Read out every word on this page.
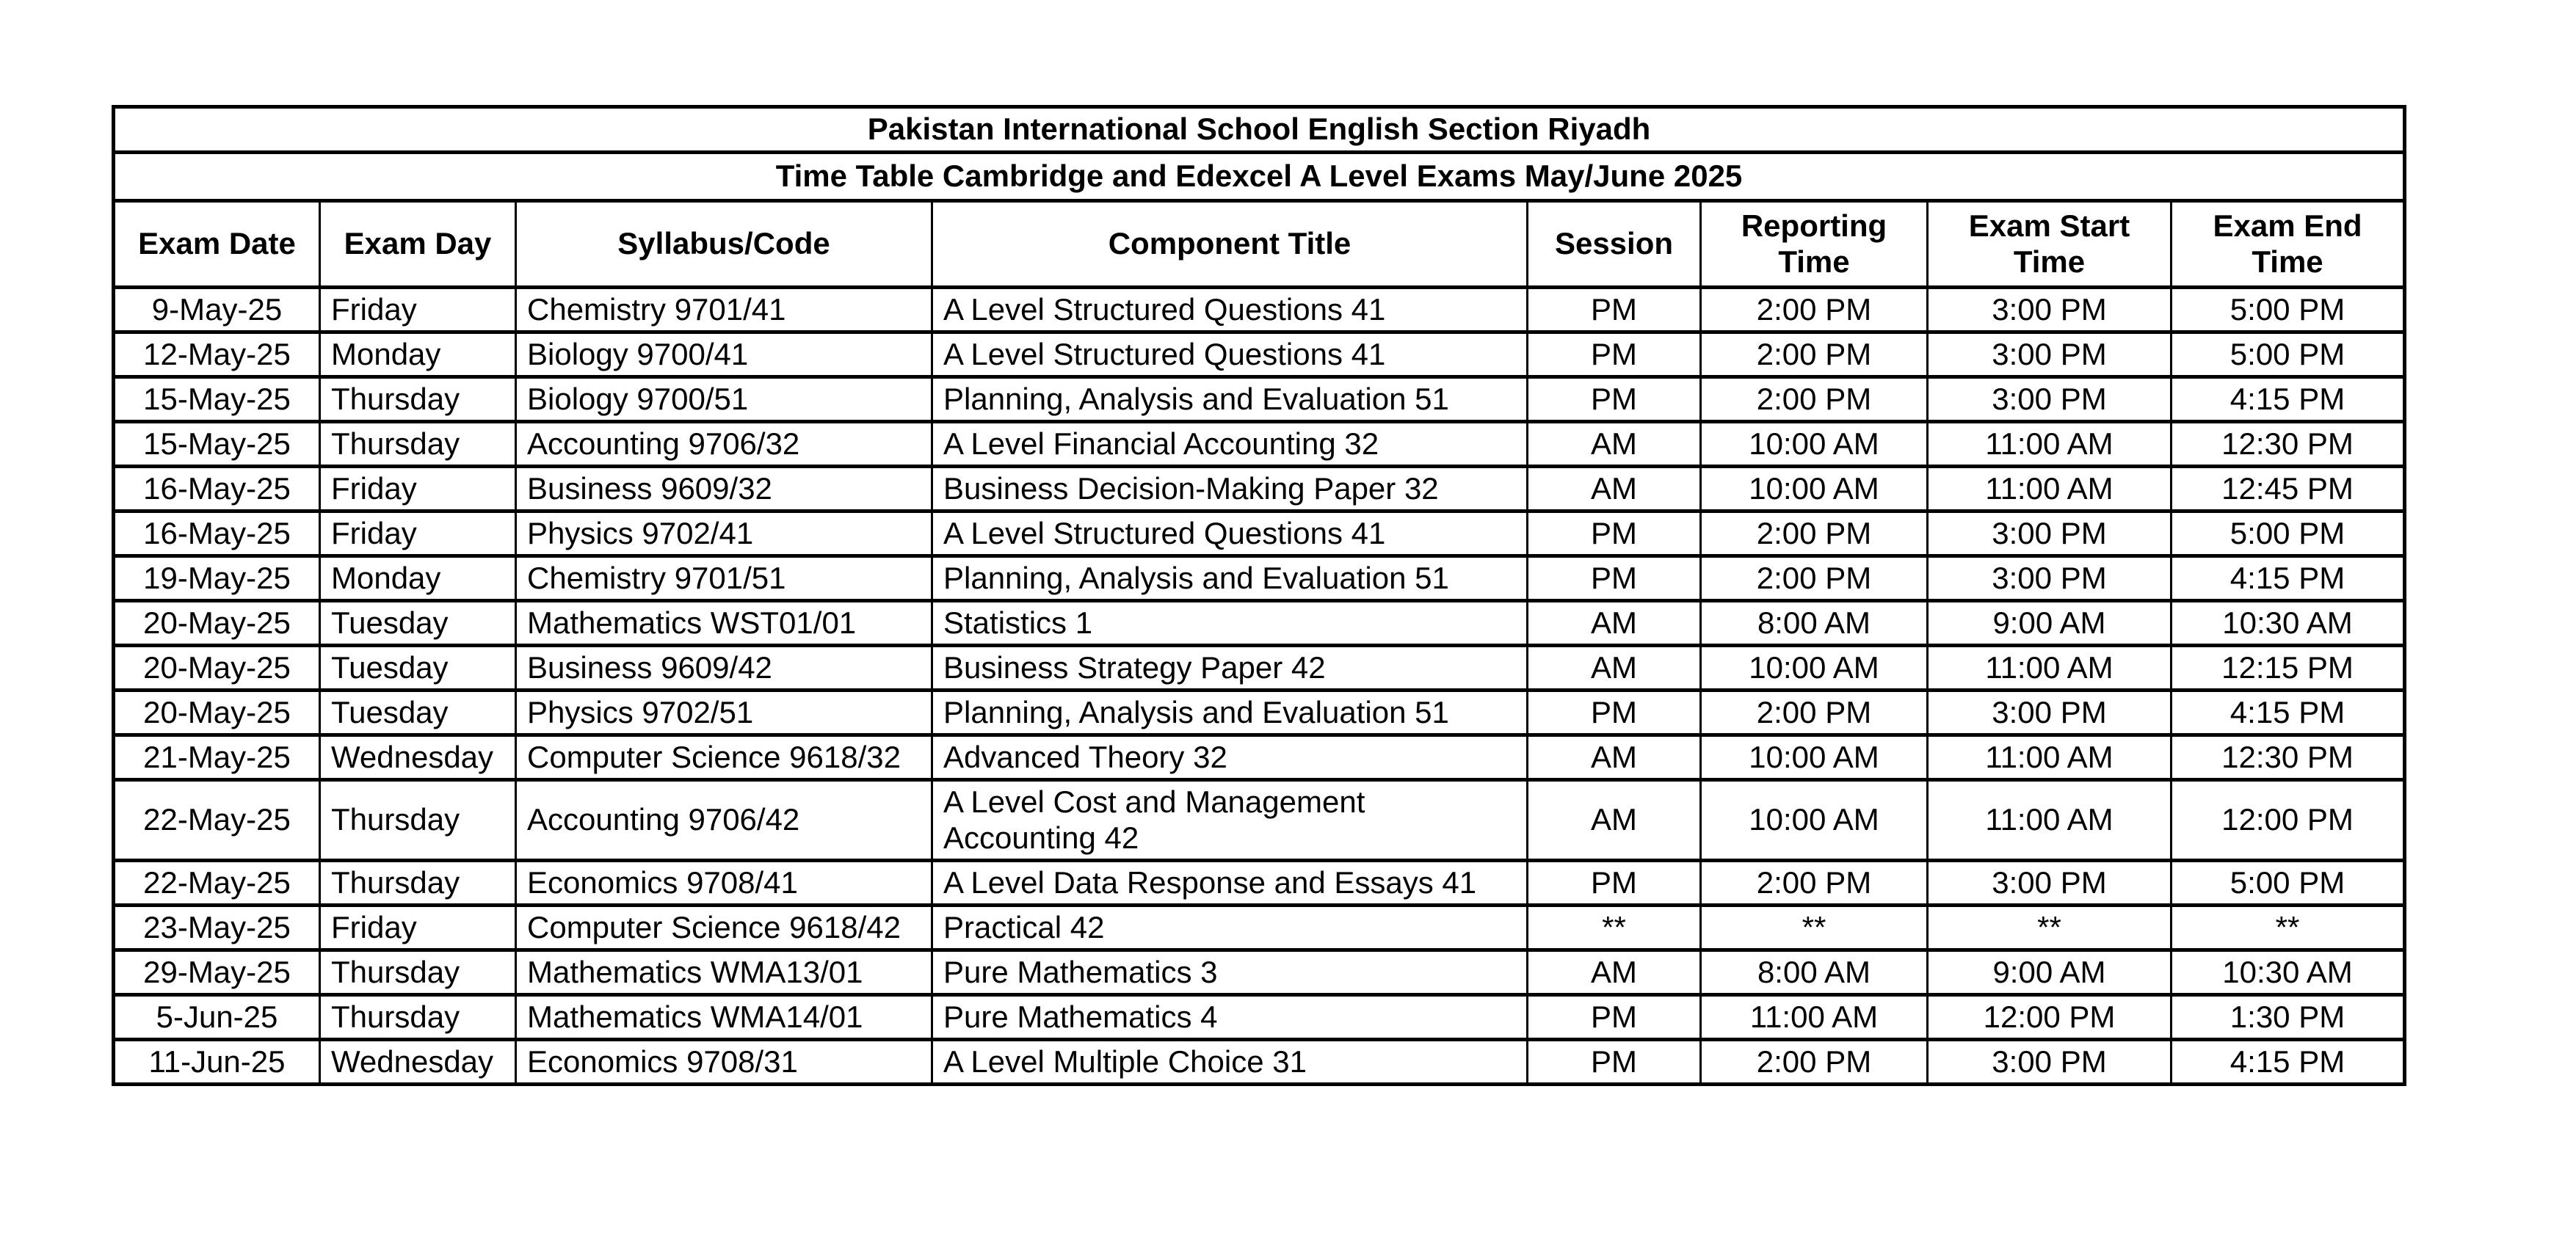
Pakistan International School English Section Riyadh							
Time Table Cambridge and Edexcel A Level Exams May/June 2025							
Exam Date	Exam Day	Syllabus/Code	Component Title	Session	Reporting Time	Exam Start Time	Exam End Time
9-May-25	Friday	Chemistry 9701/41	A Level Structured Questions 41	PM	2:00 PM	3:00 PM	5:00 PM
12-May-25	Monday	Biology 9700/41	A Level Structured Questions 41	PM	2:00 PM	3:00 PM	5:00 PM
15-May-25	Thursday	Biology 9700/51	Planning, Analysis and Evaluation 51	PM	2:00 PM	3:00 PM	4:15 PM
15-May-25	Thursday	Accounting 9706/32	A Level Financial Accounting 32	AM	10:00 AM	11:00 AM	12:30 PM
16-May-25	Friday	Business 9609/32	Business Decision-Making Paper 32	AM	10:00 AM	11:00 AM	12:45 PM
16-May-25	Friday	Physics 9702/41	A Level Structured Questions 41	PM	2:00 PM	3:00 PM	5:00 PM
19-May-25	Monday	Chemistry 9701/51	Planning, Analysis and Evaluation 51	PM	2:00 PM	3:00 PM	4:15 PM
20-May-25	Tuesday	Mathematics WST01/01	Statistics 1	AM	8:00 AM	9:00 AM	10:30 AM
20-May-25	Tuesday	Business 9609/42	Business Strategy Paper 42	AM	10:00 AM	11:00 AM	12:15 PM
20-May-25	Tuesday	Physics 9702/51	Planning, Analysis and Evaluation 51	PM	2:00 PM	3:00 PM	4:15 PM
21-May-25	Wednesday	Computer Science 9618/32	Advanced Theory 32	AM	10:00 AM	11:00 AM	12:30 PM
22-May-25	Thursday	Accounting 9706/42	A Level Cost and Management Accounting 42	AM	10:00 AM	11:00 AM	12:00 PM
22-May-25	Thursday	Economics 9708/41	A Level Data Response and Essays 41	PM	2:00 PM	3:00 PM	5:00 PM
23-May-25	Friday	Computer Science 9618/42	Practical 42	**	**	**	**
29-May-25	Thursday	Mathematics WMA13/01	Pure Mathematics 3	AM	8:00 AM	9:00 AM	10:30 AM
5-Jun-25	Thursday	Mathematics WMA14/01	Pure Mathematics 4	PM	11:00 AM	12:00 PM	1:30 PM
11-Jun-25	Wednesday	Economics 9708/31	A Level Multiple Choice 31	PM	2:00 PM	3:00 PM	4:15 PM
